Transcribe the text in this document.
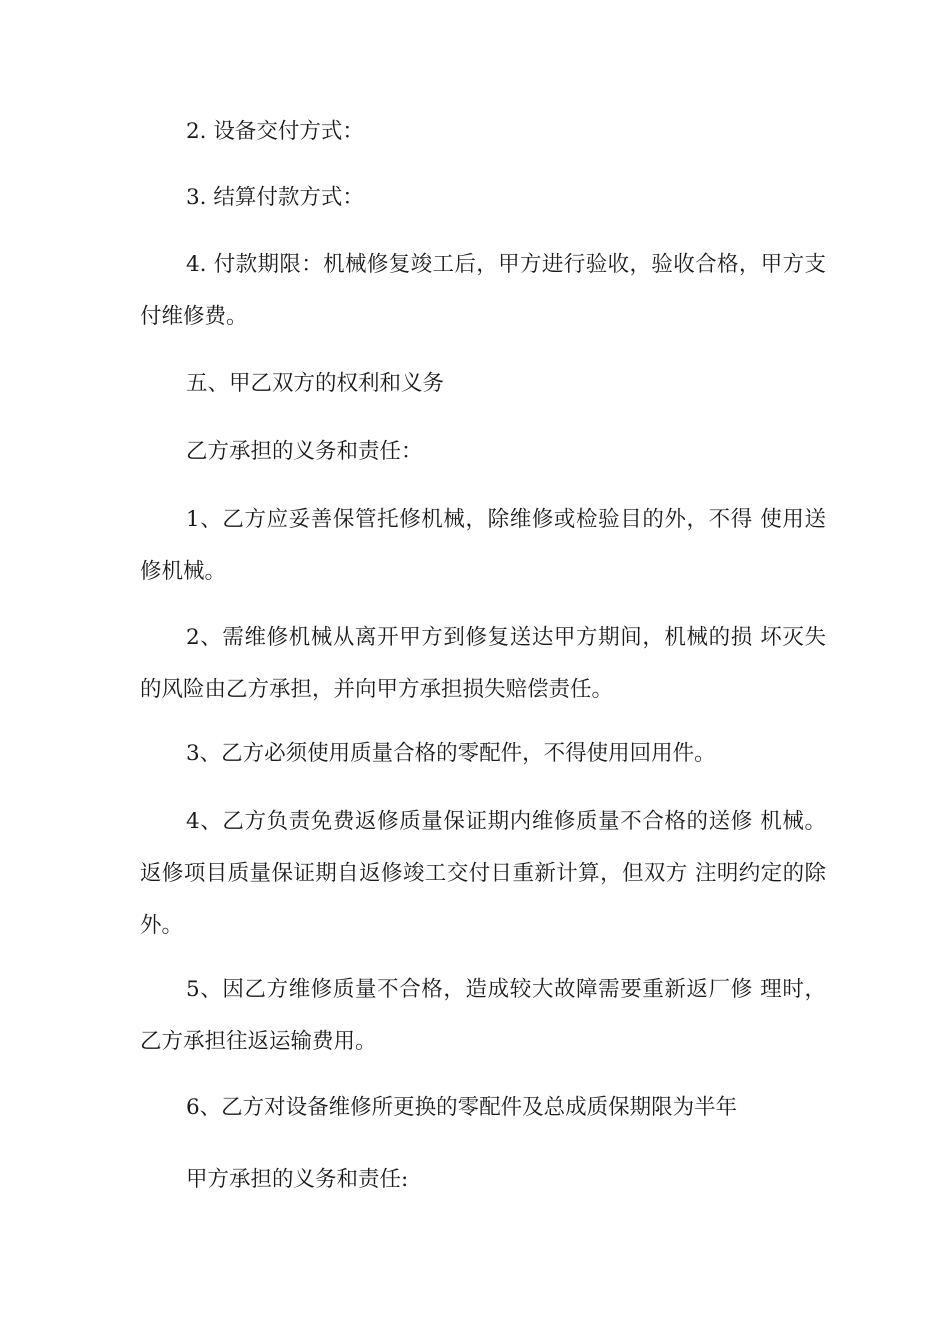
2. 设备交付方式：

3. 结算付款方式：

4. 付款期限：机械修复竣工后，甲方进行验收，验收合格，甲方支付维修费。

五、甲乙双方的权利和义务

乙方承担的义务和责任：

1、乙方应妥善保管托修机械，除维修或检验目的外，不得 使用送修机械。

2、需维修机械从离开甲方到修复送达甲方期间，机械的损 坏灭失的风险由乙方承担，并向甲方承担损失赔偿责任。

3、乙方必须使用质量合格的零配件，不得使用回用件。

4、乙方负责免费返修质量保证期内维修质量不合格的送修 机械。返修项目质量保证期自返修竣工交付日重新计算，但双方 注明约定的除外。

5、因乙方维修质量不合格，造成较大故障需要重新返厂修 理时，乙方承担往返运输费用。

6、乙方对设备维修所更换的零配件及总成质保期限为半年

甲方承担的义务和责任:
